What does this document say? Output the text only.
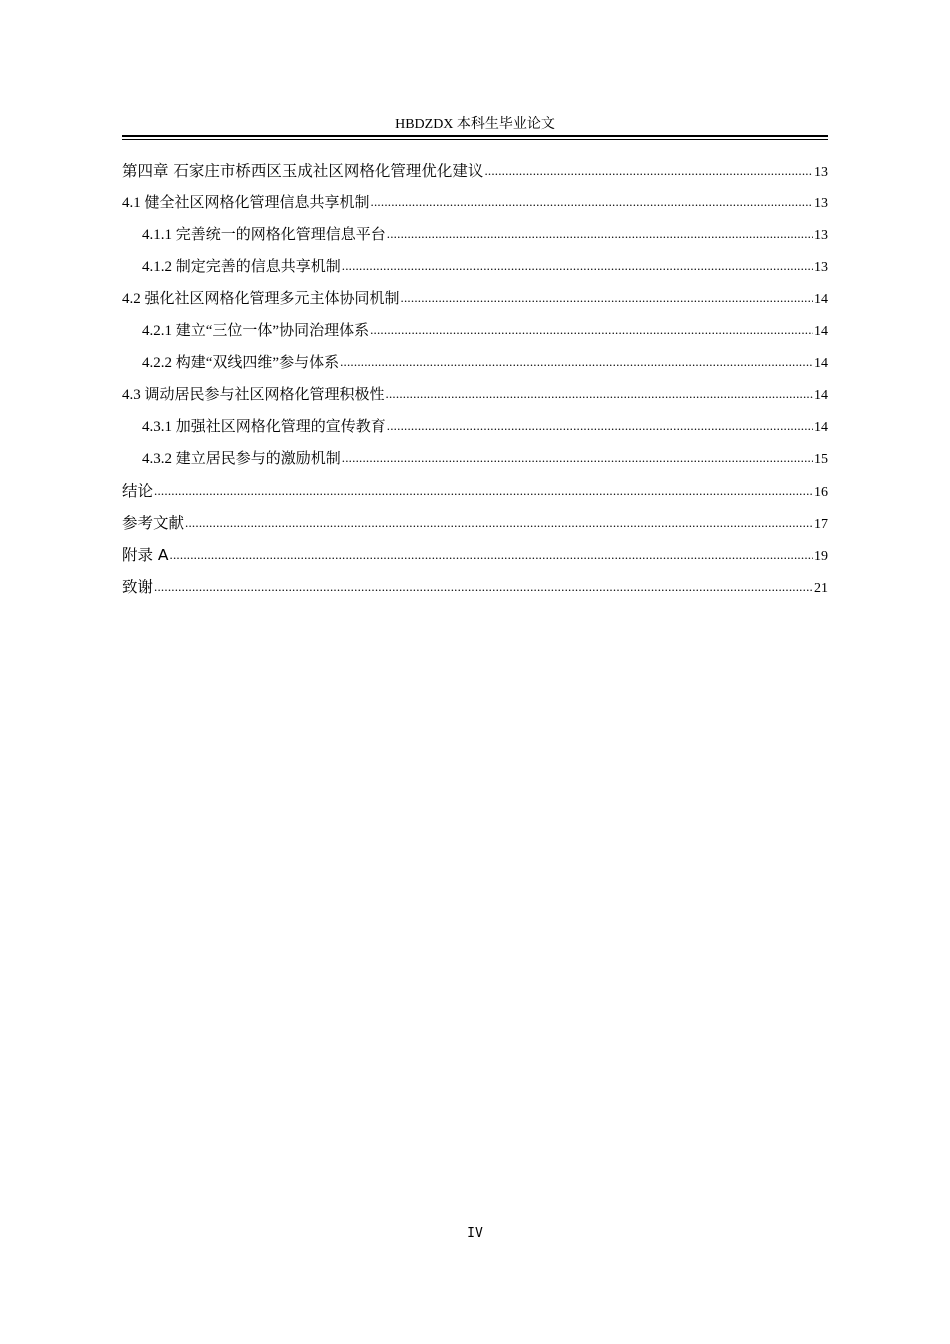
HBDZDX 本科生毕业论文
第四章 石家庄市桥西区玉成社区网格化管理优化建议 .....	13
4.1 健全社区网格化管理信息共享机制 .....	13
4.1.1 完善统一的网格化管理信息平台 .....	13
4.1.2 制定完善的信息共享机制 .....	13
4.2 强化社区网格化管理多元主体协同机制 .....	14
4.2.1 建立“三位一体”协同治理体系 .....	14
4.2.2 构建“双线四维”参与体系 .....	14
4.3 调动居民参与社区网格化管理积极性 .....	14
4.3.1 加强社区网格化管理的宣传教育 .....	14
4.3.2 建立居民参与的激励机制 .....	15
结论 .....	16
参考文献 .....	17
附录 A .....	19
致谢 .....	21
IV
